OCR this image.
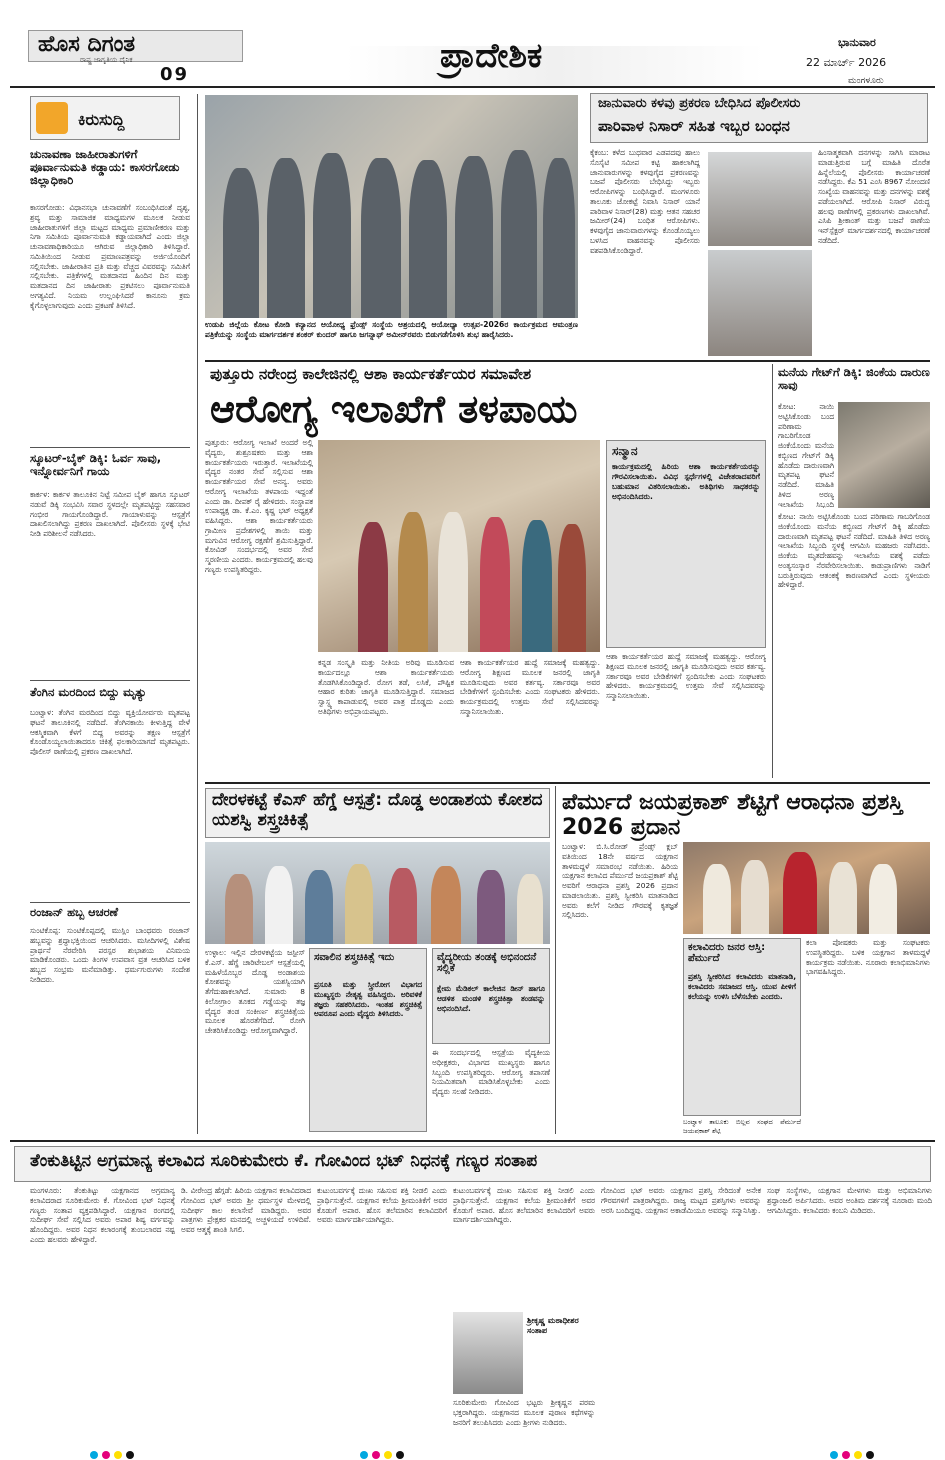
ಹೊಸ ದಿಗಂತ
ರಾಷ್ಟ್ರ ಜಾಗೃತಿಯ ದೈನಿಕ
09	ಪ್ರಾದೇಶಿಕ	ಭಾನುವಾರ
22 ಮಾರ್ಚ್ 2026
ಮಂಗಳೂರು
ಕಿರುಸುದ್ದಿ
ಚುನಾವಣಾ ಜಾಹೀರಾತುಗಳಿಗೆ ಪೂರ್ವಾನುಮತಿ ಕಡ್ಡಾಯ: ಕಾಸರಗೋಡು ಜಿಲ್ಲಾಧಿಕಾರಿ
ಕಾಸರಗೋಡು: ವಿಧಾನಸಭಾ ಚುನಾವಣೆಗೆ ಸಂಬಂಧಿಸಿದಂತೆ ದೃಶ್ಯ, ಶ್ರವ್ಯ ಮತ್ತು ಸಾಮಾಜಿಕ ಮಾಧ್ಯಮಗಳ ಮೂಲಕ ನೀಡುವ ಜಾಹೀರಾತುಗಳಿಗೆ ಜಿಲ್ಲಾ ಮಟ್ಟದ ಮಾಧ್ಯಮ ಪ್ರಮಾಣೀಕರಣ ಮತ್ತು ನಿಗಾ ಸಮಿತಿಯ ಪೂರ್ವಾನುಮತಿ ಕಡ್ಡಾಯವಾಗಿದೆ ಎಂದು ಜಿಲ್ಲಾ ಚುನಾವಣಾಧಿಕಾರಿಯೂ ಆಗಿರುವ ಜಿಲ್ಲಾಧಿಕಾರಿ ತಿಳಿಸಿದ್ದಾರೆ. ಸಮಿತಿಯಿಂದ ನೀಡುವ ಪ್ರಮಾಣಪತ್ರವನ್ನು ಅರ್ಜಿಯೊಂದಿಗೆ ಸಲ್ಲಿಸಬೇಕು. ಜಾಹೀರಾತಿನ ಪ್ರತಿ ಮತ್ತು ವೆಚ್ಚದ ವಿವರವನ್ನು ಸಮಿತಿಗೆ ಸಲ್ಲಿಸಬೇಕು. ಪತ್ರಿಕೆಗಳಲ್ಲಿ ಮತದಾನದ ಹಿಂದಿನ ದಿನ ಮತ್ತು ಮತದಾನದ ದಿನ ಜಾಹೀರಾತು ಪ್ರಕಟಿಸಲು ಪೂರ್ವಾನುಮತಿ ಅಗತ್ಯವಿದೆ. ನಿಯಮ ಉಲ್ಲಂಘಿಸಿದರೆ ಕಾನೂನು ಕ್ರಮ ಕೈಗೊಳ್ಳಲಾಗುವುದು ಎಂದು ಪ್ರಕಟಣೆ ತಿಳಿಸಿದೆ.
ಸ್ಕೂಟರ್-ಬೈಕ್ ಡಿಕ್ಕಿ: ಓರ್ವ ಸಾವು, ಇನ್ನೋರ್ವನಿಗೆ ಗಾಯ
ಕಾರ್ಕಳ: ಕಾರ್ಕಳ ತಾಲೂಕಿನ ನಿಟ್ಟೆ ಸಮೀಪ ಬೈಕ್ ಹಾಗೂ ಸ್ಕೂಟರ್ ನಡುವೆ ಡಿಕ್ಕಿ ಸಂಭವಿಸಿ ಸವಾರ ಸ್ಥಳದಲ್ಲೇ ಮೃತಪಟ್ಟಿದ್ದು ಸಹಸವಾರ ಗಂಭೀರ ಗಾಯಗೊಂಡಿದ್ದಾರೆ. ಗಾಯಾಳುವನ್ನು ಆಸ್ಪತ್ರೆಗೆ ದಾಖಲಿಸಲಾಗಿದ್ದು ಪ್ರಕರಣ ದಾಖಲಾಗಿದೆ. ಪೊಲೀಸರು ಸ್ಥಳಕ್ಕೆ ಭೇಟಿ ನೀಡಿ ಪರಿಶೀಲನೆ ನಡೆಸಿದರು.
ತೆಂಗಿನ ಮರದಿಂದ ಬಿದ್ದು ಮೃತ್ಯು
ಬಂಟ್ವಾಳ: ತೆಂಗಿನ ಮರದಿಂದ ಬಿದ್ದು ವ್ಯಕ್ತಿಯೋರ್ವರು ಮೃತಪಟ್ಟ ಘಟನೆ ತಾಲೂಕಿನಲ್ಲಿ ನಡೆದಿದೆ. ತೆಂಗಿನಕಾಯಿ ಕೀಳುತ್ತಿದ್ದ ವೇಳೆ ಆಕಸ್ಮಿಕವಾಗಿ ಕೆಳಗೆ ಬಿದ್ದ ಅವರನ್ನು ತಕ್ಷಣ ಆಸ್ಪತ್ರೆಗೆ ಕೊಂಡೊಯ್ಯಲಾಯಿತಾದರೂ ಚಿಕಿತ್ಸೆ ಫಲಕಾರಿಯಾಗದೆ ಮೃತಪಟ್ಟರು. ಪೊಲೀಸ್ ಠಾಣೆಯಲ್ಲಿ ಪ್ರಕರಣ ದಾಖಲಾಗಿದೆ.
ರಂಜಾನ್ ಹಬ್ಬ ಆಚರಣೆ
ಸುಂಟಿಕೊಪ್ಪ: ಸುಂಟಿಕೊಪ್ಪದಲ್ಲಿ ಮುಸ್ಲಿಂ ಬಾಂಧವರು ರಂಜಾನ್ ಹಬ್ಬವನ್ನು ಶ್ರದ್ಧಾಭಕ್ತಿಯಿಂದ ಆಚರಿಸಿದರು. ಮಸೀದಿಗಳಲ್ಲಿ ವಿಶೇಷ ಪ್ರಾರ್ಥನೆ ನೆರವೇರಿಸಿ ಪರಸ್ಪರ ಶುಭಾಶಯ ವಿನಿಮಯ ಮಾಡಿಕೊಂಡರು. ಒಂದು ತಿಂಗಳ ಉಪವಾಸ ವ್ರತ ಆಚರಿಸಿದ ಬಳಿಕ ಹಬ್ಬದ ಸಂಭ್ರಮ ಮನೆಮಾಡಿತ್ತು. ಧರ್ಮಗುರುಗಳು ಸಂದೇಶ ನೀಡಿದರು.
ಉಡುಪಿ ಜಿಲ್ಲೆಯ ಕೋಟ ಕೋಡಿ ಕನ್ಯಾನದ ಆಯೋಧ್ಯ ಫ್ರೆಂಡ್ಸ್ ಸಂಸ್ಥೆಯ ಆಶ್ರಯದಲ್ಲಿ ಆಯೋಧ್ಯಾ ಉತ್ಸವ-2026ರ ಕಾರ್ಯಕ್ರಮದ ಆಮಂತ್ರಣ ಪತ್ರಿಕೆಯನ್ನು ಸಂಸ್ಥೆಯ ಮಾರ್ಗದರ್ಶಕ ಶಂಕರ್ ಕುಂದರ್ ಹಾಗೂ ಜಗನ್ನಾಥ್ ಅಮೀನ್‌ರವರು ಬಿಡುಗಡೆಗೊಳಿಸಿ ಶುಭ ಹಾರೈಸಿದರು.
ಜಾನುವಾರು ಕಳವು ಪ್ರಕರಣ ಬೇಧಿಸಿದ ಪೊಲೀಸರು
ಪಾರಿವಾಳ ನಿಸಾರ್ ಸಹಿತ ಇಬ್ಬರ ಬಂಧನ
ಕೈಕಂಬ: ಕಳೆದ ಬುಧವಾರ ಎಡಪದವು ಹಾಲು ಸೊಸೈಟಿ ಸಮೀಪ ಕಟ್ಟಿ ಹಾಕಲಾಗಿದ್ದ ಜಾನುವಾರುಗಳನ್ನು ಕಳವುಗೈದ ಪ್ರಕರಣವನ್ನು ಬಜಪೆ ಪೊಲೀಸರು ಬೇಧಿಸಿದ್ದು ಇಬ್ಬರು ಆರೋಪಿಗಳನ್ನು ಬಂಧಿಸಿದ್ದಾರೆ. ಮಂಗಳೂರು ತಾಲೂಕು ಜೋಕಟ್ಟೆ ನಿವಾಸಿ ನಿಸಾರ್ ಯಾನೆ ಪಾರಿವಾಳ ನಿಸಾರ್(28) ಮತ್ತು ಆತನ ಸಹಚರ ಜಮೀರ್(24) ಬಂಧಿತ ಆರೋಪಿಗಳು. ಕಳವುಗೈದ ಜಾನುವಾರುಗಳನ್ನು ಕೊಂಡೊಯ್ಯಲು ಬಳಸಿದ ವಾಹನವನ್ನು ಪೊಲೀಸರು ವಶಪಡಿಸಿಕೊಂಡಿದ್ದಾರೆ.
ಹಿಂಸಾತ್ಮಕವಾಗಿ ದನಗಳನ್ನು ಸಾಗಿಸಿ ಮಾರಾಟ ಮಾಡುತ್ತಿರುವ ಬಗ್ಗೆ ಮಾಹಿತಿ ದೊರೆತ ಹಿನ್ನೆಲೆಯಲ್ಲಿ ಪೊಲೀಸರು ಕಾರ್ಯಾಚರಣೆ ನಡೆಸಿದ್ದರು. ಕೆಎ 51 ಎಂಸಿ 8967 ನೋಂದಣಿ ಸಂಖ್ಯೆಯ ವಾಹನವನ್ನು ಮತ್ತು ದನಗಳನ್ನು ವಶಕ್ಕೆ ಪಡೆಯಲಾಗಿದೆ. ಆರೋಪಿ ನಿಸಾರ್ ವಿರುದ್ಧ ಹಲವು ಠಾಣೆಗಳಲ್ಲಿ ಪ್ರಕರಣಗಳು ದಾಖಲಾಗಿವೆ. ಎಸಿಪಿ ಶ್ರೀಕಾಂತ್ ಮತ್ತು ಬಜಪೆ ಠಾಣೆಯ ಇನ್‌ಸ್ಪೆಕ್ಟರ್ ಮಾರ್ಗದರ್ಶನದಲ್ಲಿ ಕಾರ್ಯಾಚರಣೆ ನಡೆದಿದೆ.
ಪುತ್ತೂರು ನರೇಂದ್ರ ಕಾಲೇಜಿನಲ್ಲಿ ಆಶಾ ಕಾರ್ಯಕರ್ತೆಯರ ಸಮಾವೇಶ
ಆರೋಗ್ಯ ಇಲಾಖೆಗೆ ತಳಪಾಯ
ಪುತ್ತೂರು: ಆರೋಗ್ಯ ಇಲಾಖೆ ಅಂದರೆ ಅಲ್ಲಿ ವೈದ್ಯರು, ಶುಶ್ರೂಷಕರು ಮತ್ತು ಆಶಾ ಕಾರ್ಯಕರ್ತೆಯರು ಇರುತ್ತಾರೆ. ಇಲಾಖೆಯಲ್ಲಿ ವೈದ್ಯರ ನಂತರ ಸೇವೆ ಸಲ್ಲಿಸುವ ಆಶಾ ಕಾರ್ಯಕರ್ತೆಯರ ಸೇವೆ ಅನನ್ಯ. ಅವರು ಆರೋಗ್ಯ ಇಲಾಖೆಯ ತಳಪಾಯ ಇದ್ದಂತೆ ಎಂದು ಡಾ. ದೀಪಕ್ ರೈ ಹೇಳಿದರು. ಸಂಸ್ಥಾಪಕ ಉಪಾಧ್ಯಕ್ಷ ಡಾ. ಕೆ.ಎಂ. ಕೃಷ್ಣ ಭಟ್ ಅಧ್ಯಕ್ಷತೆ ವಹಿಸಿದ್ದರು. ಆಶಾ ಕಾರ್ಯಕರ್ತೆಯರು ಗ್ರಾಮೀಣ ಪ್ರದೇಶಗಳಲ್ಲಿ ತಾಯಿ ಮತ್ತು ಮಗುವಿನ ಆರೋಗ್ಯ ರಕ್ಷಣೆಗೆ ಶ್ರಮಿಸುತ್ತಿದ್ದಾರೆ. ಕೋವಿಡ್ ಸಂದರ್ಭದಲ್ಲಿ ಅವರ ಸೇವೆ ಸ್ಮರಣೀಯ ಎಂದರು. ಕಾರ್ಯಕ್ರಮದಲ್ಲಿ ಹಲವು ಗಣ್ಯರು ಉಪಸ್ಥಿತರಿದ್ದರು.
ಕನ್ನಡ ಸಂಸ್ಕೃತಿ ಮತ್ತು ನೀತಿಯ ಅರಿವು ಮೂಡಿಸುವ ಕಾರ್ಯದಲ್ಲೂ ಆಶಾ ಕಾರ್ಯಕರ್ತೆಯರು ತೊಡಗಿಸಿಕೊಂಡಿದ್ದಾರೆ. ರೋಗ ತಡೆ, ಲಸಿಕೆ, ಪೌಷ್ಟಿಕ ಆಹಾರ ಕುರಿತು ಜಾಗೃತಿ ಮೂಡಿಸುತ್ತಿದ್ದಾರೆ. ಸಮಾಜದ ಸ್ವಾಸ್ಥ್ಯ ಕಾಪಾಡುವಲ್ಲಿ ಅವರ ಪಾತ್ರ ದೊಡ್ಡದು ಎಂದು ಅತಿಥಿಗಳು ಅಭಿಪ್ರಾಯಪಟ್ಟರು.
ಆಶಾ ಕಾರ್ಯಕರ್ತೆಯರ ಹುದ್ದೆ ಸಮಾಜಕ್ಕೆ ಮಹತ್ವದ್ದು. ಆರೋಗ್ಯ ಶಿಕ್ಷಣದ ಮೂಲಕ ಜನರಲ್ಲಿ ಜಾಗೃತಿ ಮೂಡಿಸುವುದು ಅವರ ಕರ್ತವ್ಯ. ಸರ್ಕಾರವೂ ಅವರ ಬೇಡಿಕೆಗಳಿಗೆ ಸ್ಪಂದಿಸಬೇಕು ಎಂದು ಸಂಘಟಕರು ಹೇಳಿದರು. ಕಾರ್ಯಕ್ರಮದಲ್ಲಿ ಉತ್ತಮ ಸೇವೆ ಸಲ್ಲಿಸಿದವರನ್ನು ಸನ್ಮಾನಿಸಲಾಯಿತು.
ಸನ್ಮಾನ
ಕಾರ್ಯಕ್ರಮದಲ್ಲಿ ಹಿರಿಯ ಆಶಾ ಕಾರ್ಯಕರ್ತೆಯರನ್ನು ಗೌರವಿಸಲಾಯಿತು. ವಿವಿಧ ಸ್ಪರ್ಧೆಗಳಲ್ಲಿ ವಿಜೇತರಾದವರಿಗೆ ಬಹುಮಾನ ವಿತರಿಸಲಾಯಿತು. ಅತಿಥಿಗಳು ಸಾಧಕರನ್ನು ಅಭಿನಂದಿಸಿದರು.
ಆಶಾ ಕಾರ್ಯಕರ್ತೆಯರ ಹುದ್ದೆ ಸಮಾಜಕ್ಕೆ ಮಹತ್ವದ್ದು. ಆರೋಗ್ಯ ಶಿಕ್ಷಣದ ಮೂಲಕ ಜನರಲ್ಲಿ ಜಾಗೃತಿ ಮೂಡಿಸುವುದು ಅವರ ಕರ್ತವ್ಯ. ಸರ್ಕಾರವೂ ಅವರ ಬೇಡಿಕೆಗಳಿಗೆ ಸ್ಪಂದಿಸಬೇಕು ಎಂದು ಸಂಘಟಕರು ಹೇಳಿದರು. ಕಾರ್ಯಕ್ರಮದಲ್ಲಿ ಉತ್ತಮ ಸೇವೆ ಸಲ್ಲಿಸಿದವರನ್ನು ಸನ್ಮಾನಿಸಲಾಯಿತು.
ಮನೆಯ ಗೇಟ್‌ಗೆ ಡಿಕ್ಕಿ: ಜಿಂಕೆಯ ದಾರುಣ ಸಾವು
ಕೋಟ: ನಾಯಿ ಅಟ್ಟಿಸಿಕೊಂಡು ಬಂದ ಪರಿಣಾಮ ಗಾಬರಿಗೊಂಡ ಜಿಂಕೆಯೊಂದು ಮನೆಯ ಕಬ್ಬಿಣದ ಗೇಟ್‌ಗೆ ಡಿಕ್ಕಿ ಹೊಡೆದು ದಾರುಣವಾಗಿ ಮೃತಪಟ್ಟ ಘಟನೆ ನಡೆದಿದೆ. ಮಾಹಿತಿ ತಿಳಿದ ಅರಣ್ಯ ಇಲಾಖೆಯ ಸಿಬ್ಬಂದಿ
ಕೋಟ: ನಾಯಿ ಅಟ್ಟಿಸಿಕೊಂಡು ಬಂದ ಪರಿಣಾಮ ಗಾಬರಿಗೊಂಡ ಜಿಂಕೆಯೊಂದು ಮನೆಯ ಕಬ್ಬಿಣದ ಗೇಟ್‌ಗೆ ಡಿಕ್ಕಿ ಹೊಡೆದು ದಾರುಣವಾಗಿ ಮೃತಪಟ್ಟ ಘಟನೆ ನಡೆದಿದೆ. ಮಾಹಿತಿ ತಿಳಿದ ಅರಣ್ಯ ಇಲಾಖೆಯ ಸಿಬ್ಬಂದಿ ಸ್ಥಳಕ್ಕೆ ಆಗಮಿಸಿ ಮಹಜರು ನಡೆಸಿದರು. ಜಿಂಕೆಯ ಮೃತದೇಹವನ್ನು ಇಲಾಖೆಯ ವಶಕ್ಕೆ ಪಡೆದು ಅಂತ್ಯಸಂಸ್ಕಾರ ನೆರವೇರಿಸಲಾಯಿತು. ಕಾಡುಪ್ರಾಣಿಗಳು ನಾಡಿಗೆ ಬರುತ್ತಿರುವುದು ಆತಂಕಕ್ಕೆ ಕಾರಣವಾಗಿದೆ ಎಂದು ಸ್ಥಳೀಯರು ಹೇಳಿದ್ದಾರೆ.
ದೇರಳಕಟ್ಟೆ ಕೆಎಸ್ ಹೆಗ್ಡೆ ಆಸ್ಪತ್ರೆ: ದೊಡ್ಡ ಅಂಡಾಶಯ ಕೋಶದ ಯಶಸ್ವಿ ಶಸ್ತ್ರಚಿಕಿತ್ಸೆ
ಉಳ್ಳಾಲ: ಇಲ್ಲಿನ ದೇರಳಕಟ್ಟೆಯ ಜಸ್ಟೀಸ್ ಕೆ.ಎಸ್. ಹೆಗ್ಡೆ ಚಾರಿಟೇಬಲ್ ಆಸ್ಪತ್ರೆಯಲ್ಲಿ ಮಹಿಳೆಯೊಬ್ಬರ ದೊಡ್ಡ ಅಂಡಾಶಯ ಕೋಶವನ್ನು ಯಶಸ್ವಿಯಾಗಿ ತೆಗೆದುಹಾಕಲಾಗಿದೆ. ಸುಮಾರು 8 ಕಿಲೋಗ್ರಾಂ ತೂಕದ ಗಡ್ಡೆಯನ್ನು ತಜ್ಞ ವೈದ್ಯರ ತಂಡ ಸಂಕೀರ್ಣ ಶಸ್ತ್ರಚಿಕಿತ್ಸೆಯ ಮೂಲಕ ಹೊರತೆಗೆದಿದೆ. ರೋಗಿ ಚೇತರಿಸಿಕೊಂಡಿದ್ದು ಆರೋಗ್ಯವಾಗಿದ್ದಾರೆ.
ಸವಾಲಿನ ಶಸ್ತ್ರಚಿಕಿತ್ಸೆ ಇದು
ಪ್ರಸೂತಿ ಮತ್ತು ಸ್ತ್ರೀರೋಗ ವಿಭಾಗದ ಮುಖ್ಯಸ್ಥರು ನೇತೃತ್ವ ವಹಿಸಿದ್ದರು. ಅರಿವಳಿಕೆ ತಜ್ಞರು ಸಹಕರಿಸಿದರು. ಇಂತಹ ಶಸ್ತ್ರಚಿಕಿತ್ಸೆ ಅಪರೂಪ ಎಂದು ವೈದ್ಯರು ತಿಳಿಸಿದರು.
ವೈದ್ಯರೀಯ ತಂಡಕ್ಕೆ ಅಭಿನಂದನೆ ಸಲ್ಲಿಕೆ
ಕ್ಷೇಮ ಮೆಡಿಕಲ್ ಕಾಲೇಜಿನ ಡೀನ್ ಹಾಗೂ ಆಡಳಿತ ಮಂಡಳಿ ಶಸ್ತ್ರಚಿಕಿತ್ಸಾ ತಂಡವನ್ನು ಅಭಿನಂದಿಸಿದೆ.
ಈ ಸಂದರ್ಭದಲ್ಲಿ ಆಸ್ಪತ್ರೆಯ ವೈದ್ಯಕೀಯ ಅಧೀಕ್ಷಕರು, ವಿಭಾಗದ ಮುಖ್ಯಸ್ಥರು ಹಾಗೂ ಸಿಬ್ಬಂದಿ ಉಪಸ್ಥಿತರಿದ್ದರು. ಆರೋಗ್ಯ ತಪಾಸಣೆ ನಿಯಮಿತವಾಗಿ ಮಾಡಿಸಿಕೊಳ್ಳಬೇಕು ಎಂದು ವೈದ್ಯರು ಸಲಹೆ ನೀಡಿದರು.
ಪೆರ್ಮುದೆ ಜಯಪ್ರಕಾಶ್ ಶೆಟ್ಟಿಗೆ ಆರಾಧನಾ ಪ್ರಶಸ್ತಿ 2026 ಪ್ರದಾನ
ಬಂಟ್ವಾಳ: ಬಿ.ಸಿ.ರೋಡ್ ಪ್ರೆಂಡ್ಸ್ ಕ್ಲಬ್ ವತಿಯಿಂದ 18ನೇ ವರ್ಷದ ಯಕ್ಷಗಾನ ತಾಳಮದ್ದಳೆ ಸಮಾರಂಭ ನಡೆಯಿತು. ಹಿರಿಯ ಯಕ್ಷಗಾನ ಕಲಾವಿದ ಪೆರ್ಮುದೆ ಜಯಪ್ರಕಾಶ್ ಶೆಟ್ಟಿ ಅವರಿಗೆ ಆರಾಧನಾ ಪ್ರಶಸ್ತಿ 2026 ಪ್ರದಾನ ಮಾಡಲಾಯಿತು. ಪ್ರಶಸ್ತಿ ಸ್ವೀಕರಿಸಿ ಮಾತನಾಡಿದ ಅವರು ಕಲೆಗೆ ನೀಡಿದ ಗೌರವಕ್ಕೆ ಕೃತಜ್ಞತೆ ಸಲ್ಲಿಸಿದರು.
ಕಲಾವಿದರು ಜನರ ಆಸ್ತಿ: ಪೆರ್ಮುದೆ
ಪ್ರಶಸ್ತಿ ಸ್ವೀಕರಿಸಿದ ಕಲಾವಿದರು ಮಾತನಾಡಿ, ಕಲಾವಿದರು ಸಮಾಜದ ಆಸ್ತಿ. ಯುವ ಪೀಳಿಗೆ ಕಲೆಯನ್ನು ಉಳಿಸಿ ಬೆಳೆಸಬೇಕು ಎಂದರು.
ಕಲಾ ಪೋಷಕರು ಮತ್ತು ಸಂಘಟಕರು ಉಪಸ್ಥಿತರಿದ್ದರು. ಬಳಿಕ ಯಕ್ಷಗಾನ ತಾಳಮದ್ದಳೆ ಕಾರ್ಯಕ್ರಮ ನಡೆಯಿತು. ನೂರಾರು ಕಲಾಭಿಮಾನಿಗಳು ಭಾಗವಹಿಸಿದ್ದರು.
ಬಂಟ್ವಾಳ ತಾಲೂಕು ಬಿಲ್ಲವ ಸಂಘದ ಪೆರ್ಮುದೆ ಜಯಪ್ರಕಾಶ್ ಶೆಟ್ಟಿ
ತೆಂಕುತಿಟ್ಟಿನ ಅಗ್ರಮಾನ್ಯ ಕಲಾವಿದ ಸೂರಿಕುಮೇರು ಕೆ. ಗೋವಿಂದ ಭಟ್ ನಿಧನಕ್ಕೆ ಗಣ್ಯರ ಸಂತಾಪ
ಮಂಗಳೂರು: ತೆಂಕುತಿಟ್ಟು ಯಕ್ಷಗಾನದ ಅಗ್ರಮಾನ್ಯ ಕಲಾವಿದರಾದ ಸೂರಿಕುಮೇರು ಕೆ. ಗೋವಿಂದ ಭಟ್ ನಿಧನಕ್ಕೆ ಗಣ್ಯರು ಸಂತಾಪ ವ್ಯಕ್ತಪಡಿಸಿದ್ದಾರೆ. ಯಕ್ಷಗಾನ ರಂಗದಲ್ಲಿ ಸುದೀರ್ಘ ಸೇವೆ ಸಲ್ಲಿಸಿದ ಅವರು ಅಪಾರ ಶಿಷ್ಯ ವರ್ಗವನ್ನು ಹೊಂದಿದ್ದರು. ಅವರ ನಿಧನ ಕಲಾರಂಗಕ್ಕೆ ತುಂಬಲಾರದ ನಷ್ಟ ಎಂದು ಹಲವರು ಹೇಳಿದ್ದಾರೆ.
ಡಿ. ವೀರೇಂದ್ರ ಹೆಗ್ಗಡೆ: ಹಿರಿಯ ಯಕ್ಷಗಾನ ಕಲಾವಿದರಾದ ಗೋವಿಂದ ಭಟ್ ಅವರು ಶ್ರೀ ಧರ್ಮಸ್ಥಳ ಮೇಳದಲ್ಲಿ ಸುದೀರ್ಘ ಕಾಲ ಕಲಾಸೇವೆ ಮಾಡಿದ್ದರು. ಅವರ ಪಾತ್ರಗಳು ಪ್ರೇಕ್ಷಕರ ಮನದಲ್ಲಿ ಅಚ್ಚಳಿಯದೆ ಉಳಿದಿವೆ. ಅವರ ಆತ್ಮಕ್ಕೆ ಶಾಂತಿ ಸಿಗಲಿ.
ಕುಟುಂಬವರ್ಗಕ್ಕೆ ದುಃಖ ಸಹಿಸುವ ಶಕ್ತಿ ನೀಡಲಿ ಎಂದು ಪ್ರಾರ್ಥಿಸುತ್ತೇನೆ. ಯಕ್ಷಗಾನ ಕಲೆಯ ಶ್ರೀಮಂತಿಕೆಗೆ ಅವರ ಕೊಡುಗೆ ಅಪಾರ. ಹೊಸ ತಲೆಮಾರಿನ ಕಲಾವಿದರಿಗೆ ಅವರು ಮಾರ್ಗದರ್ಶಿಯಾಗಿದ್ದರು.
ಕುಟುಂಬವರ್ಗಕ್ಕೆ ದುಃಖ ಸಹಿಸುವ ಶಕ್ತಿ ನೀಡಲಿ ಎಂದು ಪ್ರಾರ್ಥಿಸುತ್ತೇನೆ. ಯಕ್ಷಗಾನ ಕಲೆಯ ಶ್ರೀಮಂತಿಕೆಗೆ ಅವರ ಕೊಡುಗೆ ಅಪಾರ. ಹೊಸ ತಲೆಮಾರಿನ ಕಲಾವಿದರಿಗೆ ಅವರು ಮಾರ್ಗದರ್ಶಿಯಾಗಿದ್ದರು.
ಶ್ರೀಕೃಷ್ಣ ಮಠಾಧೀಶರ ಸಂತಾಪ
ಸೂರಿಕುಮೇರು ಗೋವಿಂದ ಭಟ್ಟರು ಶ್ರೀಕೃಷ್ಣನ ಪರಮ ಭಕ್ತರಾಗಿದ್ದರು. ಯಕ್ಷಗಾನದ ಮೂಲಕ ಪುರಾಣ ಕಥೆಗಳನ್ನು ಜನರಿಗೆ ತಲುಪಿಸಿದರು ಎಂದು ಶ್ರೀಗಳು ನುಡಿದರು.
ಗೋವಿಂದ ಭಟ್ ಅವರು ಯಕ್ಷಗಾನ ಪ್ರಶಸ್ತಿ ಸೇರಿದಂತೆ ಅನೇಕ ಗೌರವಗಳಿಗೆ ಪಾತ್ರರಾಗಿದ್ದರು. ರಾಜ್ಯ ಮಟ್ಟದ ಪ್ರಶಸ್ತಿಗಳು ಅವರನ್ನು ಅರಸಿ ಬಂದಿದ್ದವು. ಯಕ್ಷಗಾನ ಅಕಾಡೆಮಿಯೂ ಅವರನ್ನು ಸನ್ಮಾನಿಸಿತ್ತು.
ಸಂಘ ಸಂಸ್ಥೆಗಳು, ಯಕ್ಷಗಾನ ಮೇಳಗಳು ಮತ್ತು ಅಭಿಮಾನಿಗಳು ಶ್ರದ್ಧಾಂಜಲಿ ಅರ್ಪಿಸಿದರು. ಅವರ ಅಂತಿಮ ದರ್ಶನಕ್ಕೆ ನೂರಾರು ಮಂದಿ ಆಗಮಿಸಿದ್ದರು. ಕಲಾವಿದರು ಕಂಬನಿ ಮಿಡಿದರು.
